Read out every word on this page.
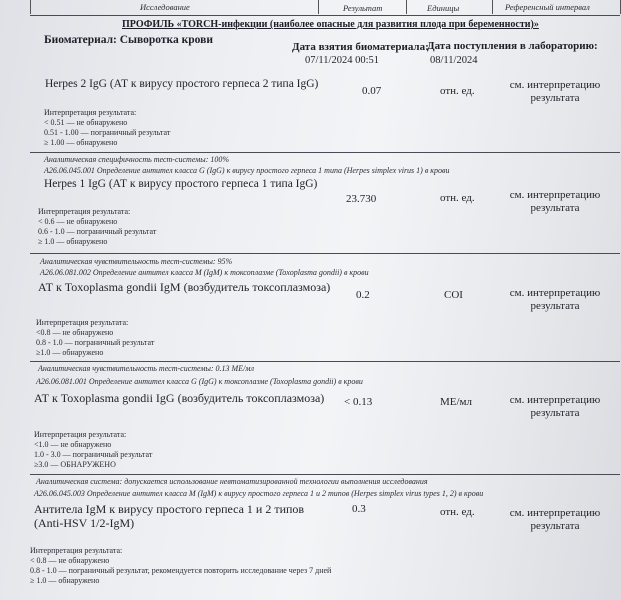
Исследование	Результат	Единицы	Референсный интервал
ПРОФИЛЬ «TORCH-инфекции (наиболее опасные для развития плода при беременности)»
Биоматериал: Сыворотка крови
Дата взятия биоматериала:
07/11/2024 00:51
Дата поступления в лабораторию:
08/11/2024
Herpes 2 IgG (АТ к вирусу простого герпеса 2 типа IgG)
0.07	отн. ед.	см. интерпретацию результата
Интерпретация результата:
< 0.51 — не обнаружено
0.51 - 1.00 — пограничный результат
≥ 1.00 — обнаружено
Аналитическая специфичность тест-системы: 100%
A26.06.045.001 Определение антител класса G (IgG) к вирусу простого герпеса 1 типа (Herpes simplex virus 1) в крови
Herpes 1 IgG (АТ к вирусу простого герпеса 1 типа IgG)
23.730	отн. ед.	см. интерпретацию результата
Интерпретация результата:
< 0.6 — не обнаружено
0.6 - 1.0 — пограничный результат
≥ 1.0 — обнаружено
Аналитическая чувствительность тест-системы: 95%
A26.06.081.002 Определение антител класса M (IgM) к токсоплазме (Toxoplasma gondii) в крови
АТ к Toxoplasma gondii IgM (возбудитель токсоплазмоза)
0.2	COI	см. интерпретацию результата
Интерпретация результата:
<0.8 — не обнаружено
0.8 - 1.0 — пограничный результат
≥1.0 — обнаружено
Аналитическая чувствительность тест-системы: 0.13 МЕ/мл
A26.06.081.001 Определение антител класса G (IgG) к токсоплазме (Toxoplasma gondii) в крови
АТ к Toxoplasma gondii IgG (возбудитель токсоплазмоза) < 0.13	МЕ/мл	см. интерпретацию результата
Интерпретация результата:
<1.0 — не обнаружено
1.0 - 3.0 — пограничный результат
≥3.0 — ОБНАРУЖЕНО
Аналитическая система: допускается использование невтоматизированной технологии выполнения исследования
A26.06.045.003 Определение антител класса M (IgM) к вирусу простого герпеса 1 и 2 типов (Herpes simplex virus types 1, 2) в крови
Антитела IgM к вирусу простого герпеса 1 и 2 типов
(Anti-HSV 1/2-IgM)
0.3	отн. ед.	см. интерпретацию результата
Интерпретация результата:
< 0.8 — не обнаружено
0.8 - 1.0 — пограничный результат, рекомендуется повторить исследование через 7 дней
≥ 1.0 — обнаружено
